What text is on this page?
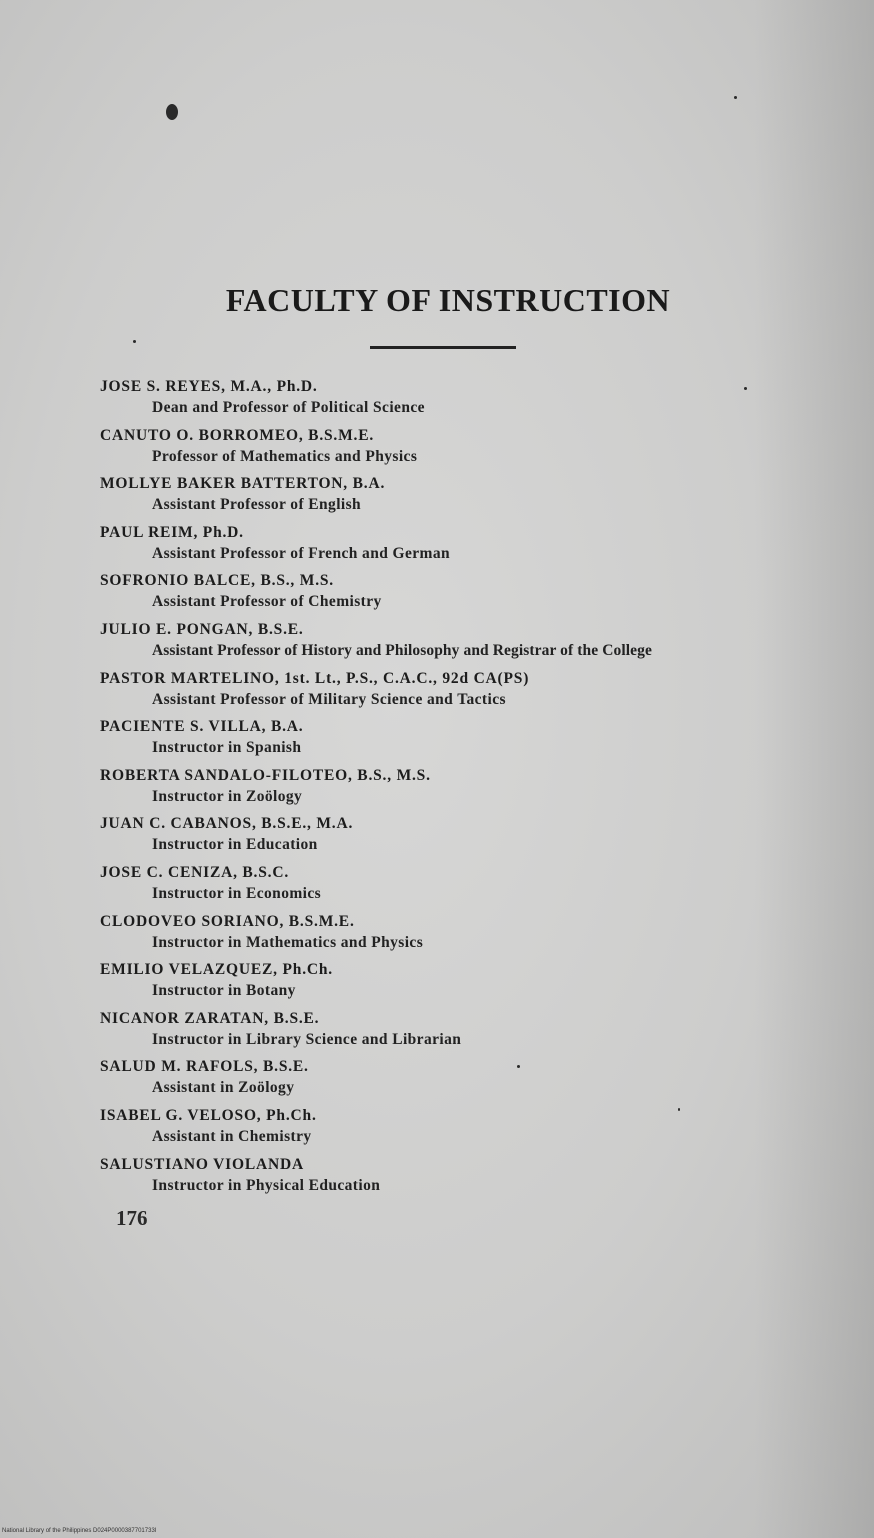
FACULTY OF INSTRUCTION
JOSE S. REYES, M.A., Ph.D.
Dean and Professor of Political Science
CANUTO O. BORROMEO, B.S.M.E.
Professor of Mathematics and Physics
MOLLYE BAKER BATTERTON, B.A.
Assistant Professor of English
PAUL REIM, Ph.D.
Assistant Professor of French and German
SOFRONIO BALCE, B.S., M.S.
Assistant Professor of Chemistry
JULIO E. PONGAN, B.S.E.
Assistant Professor of History and Philosophy and Registrar of the College
PASTOR MARTELINO, 1st. Lt., P.S., C.A.C., 92d CA(PS)
Assistant Professor of Military Science and Tactics
PACIENTE S. VILLA, B.A.
Instructor in Spanish
ROBERTA SANDALO-FILOTEO, B.S., M.S.
Instructor in Zoölogy
JUAN C. CABANOS, B.S.E., M.A.
Instructor in Education
JOSE C. CENIZA, B.S.C.
Instructor in Economics
CLODOVEO SORIANO, B.S.M.E.
Instructor in Mathematics and Physics
EMILIO VELAZQUEZ, Ph.Ch.
Instructor in Botany
NICANOR ZARATAN, B.S.E.
Instructor in Library Science and Librarian
SALUD M. RAFOLS, B.S.E.
Assistant in Zoölogy
ISABEL G. VELOSO, Ph.Ch.
Assistant in Chemistry
SALUSTIANO VIOLANDA
Instructor in Physical Education
176
National Library of the Philippines D024P0000387701733I
